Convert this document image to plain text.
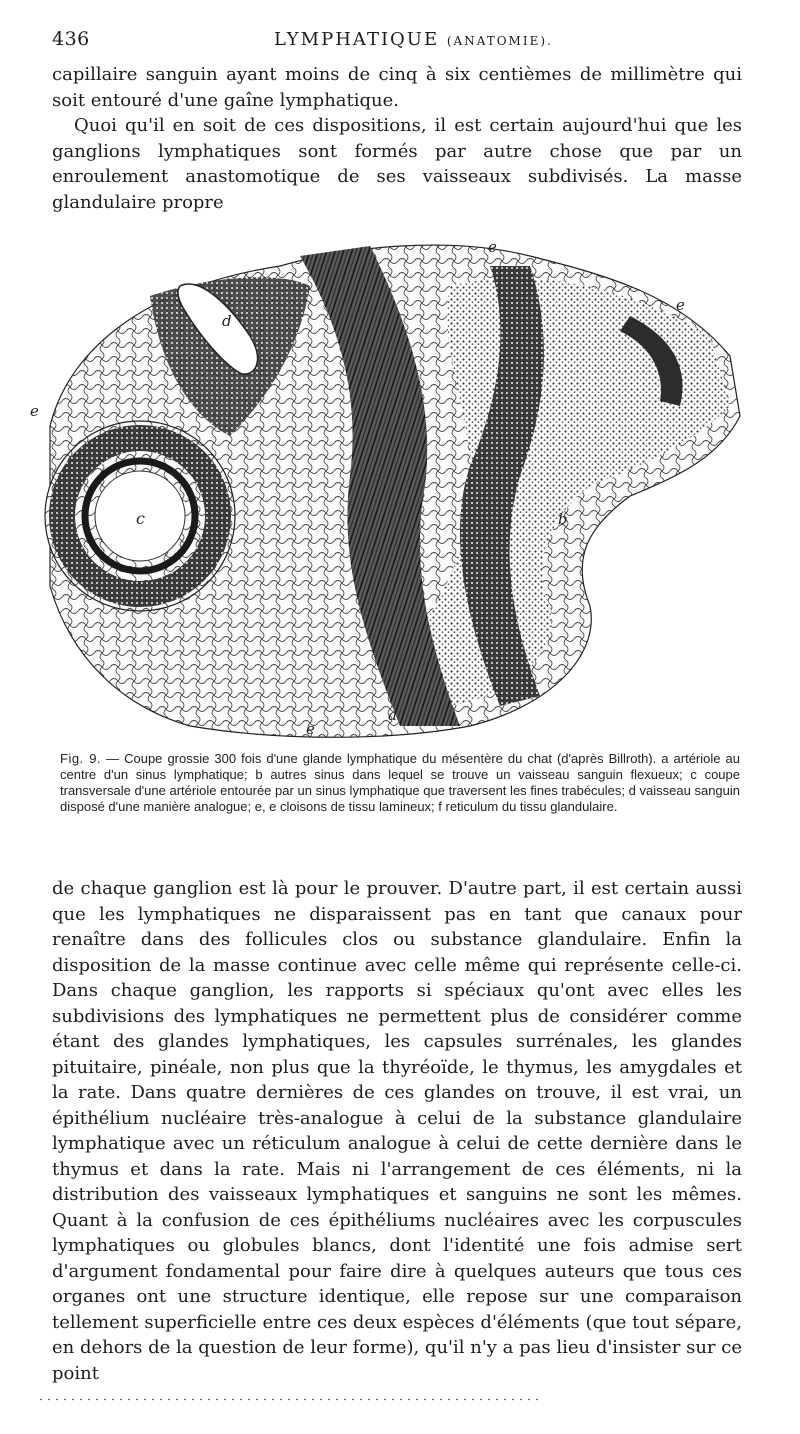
436	LYMPHATIQUE (ANATOMIE).

capillaire sanguin ayant moins de cinq à six centièmes de millimètre qui soit entouré d'une gaîne lymphatique.

Quoi qu'il en soit de ces dispositions, il est certain aujourd'hui que les ganglions lymphatiques sont formés par autre chose que par un enroulement anastomotique de ses vaisseaux subdivisés. La masse glandulaire propre

d
e
e
e
c	b
e
a

Fig. 9. — Coupe grossie 300 fois d'une glande lymphatique du mésentère du chat (d'après Billroth). a artériole au centre d'un sinus lymphatique; b autres sinus dans lequel se trouve un vaisseau sanguin flexueux; c coupe transversale d'une artériole entourée par un sinus lymphatique que traversent les fines trabécules; d vaisseau sanguin disposé d'une manière analogue; e, e cloisons de tissu lamineux; f reticulum du tissu glandulaire.

de chaque ganglion est là pour le prouver. D'autre part, il est certain aussi que les lymphatiques ne disparaissent pas en tant que canaux pour renaître dans des follicules clos ou substance glandulaire. Enfin la disposition de la masse continue avec celle même qui représente celle-ci. Dans chaque ganglion, les rapports si spéciaux qu'ont avec elles les subdivisions des lymphatiques ne permettent plus de considérer comme étant des glandes lymphatiques, les capsules surrénales, les glandes pituitaire, pinéale, non plus que la thyréoïde, le thymus, les amygdales et la rate. Dans quatre dernières de ces glandes on trouve, il est vrai, un épithélium nucléaire très-analogue à celui de la substance glandulaire lymphatique avec un réticulum analogue à celui de cette dernière dans le thymus et dans la rate. Mais ni l'arrangement de ces éléments, ni la distribution des vaisseaux lymphatiques et sanguins ne sont les mêmes. Quant à la confusion de ces épithéliums nucléaires avec les corpuscules lymphatiques ou globules blancs, dont l'identité une fois admise sert d'argument fondamental pour faire dire à quelques auteurs que tous ces organes ont une structure identique, elle repose sur une comparaison tellement superficielle entre ces deux espèces d'éléments (que tout sépare, en dehors de la question de leur forme), qu'il n'y a pas lieu d'insister sur ce point
